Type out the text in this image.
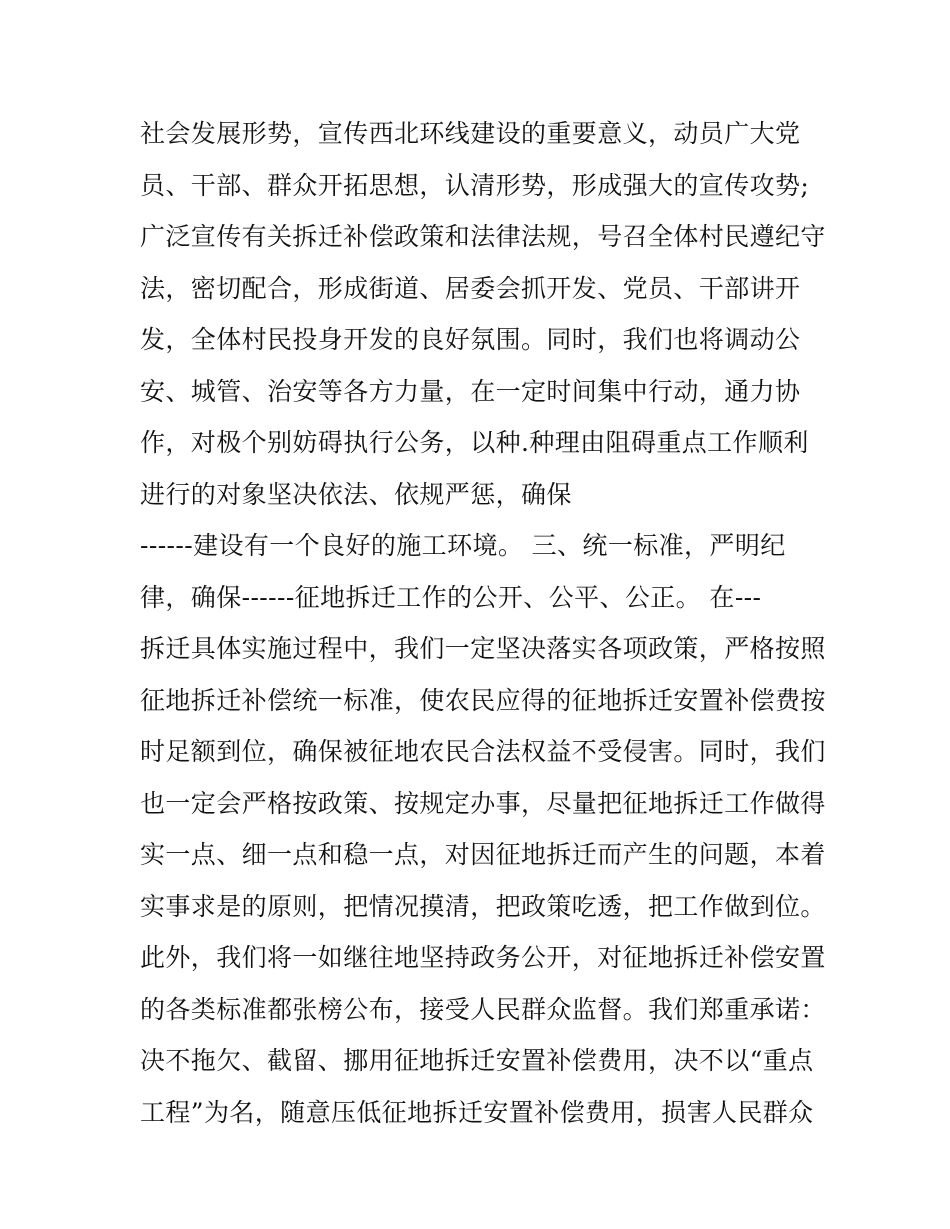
社会发展形势，宣传西北环线建设的重要意义，动员广大党
员、干部、群众开拓思想，认清形势，形成强大的宣传攻势;
广泛宣传有关拆迁补偿政策和法律法规，号召全体村民遵纪守
法，密切配合，形成街道、居委会抓开发、党员、干部讲开
发，全体村民投身开发的良好氛围。同时，我们也将调动公
安、城管、治安等各方力量，在一定时间集中行动，通力协
作，对极个别妨碍执行公务，以种.种理由阻碍重点工作顺利
进行的对象坚决依法、依规严惩，确保
------建设有一个良好的施工环境。 三、统一标准，严明纪
律，确保------征地拆迁工作的公开、公平、公正。 在---
拆迁具体实施过程中，我们一定坚决落实各项政策，严格按照
征地拆迁补偿统一标准，使农民应得的征地拆迁安置补偿费按
时足额到位，确保被征地农民合法权益不受侵害。同时，我们
也一定会严格按政策、按规定办事，尽量把征地拆迁工作做得
实一点、细一点和稳一点，对因征地拆迁而产生的问题，本着
实事求是的原则，把情况摸清，把政策吃透，把工作做到位。
此外，我们将一如继往地坚持政务公开，对征地拆迁补偿安置
的各类标准都张榜公布，接受人民群众监督。我们郑重承诺：
决不拖欠、截留、挪用征地拆迁安置补偿费用，决不以“重点
工程”为名，随意压低征地拆迁安置补偿费用，损害人民群众
